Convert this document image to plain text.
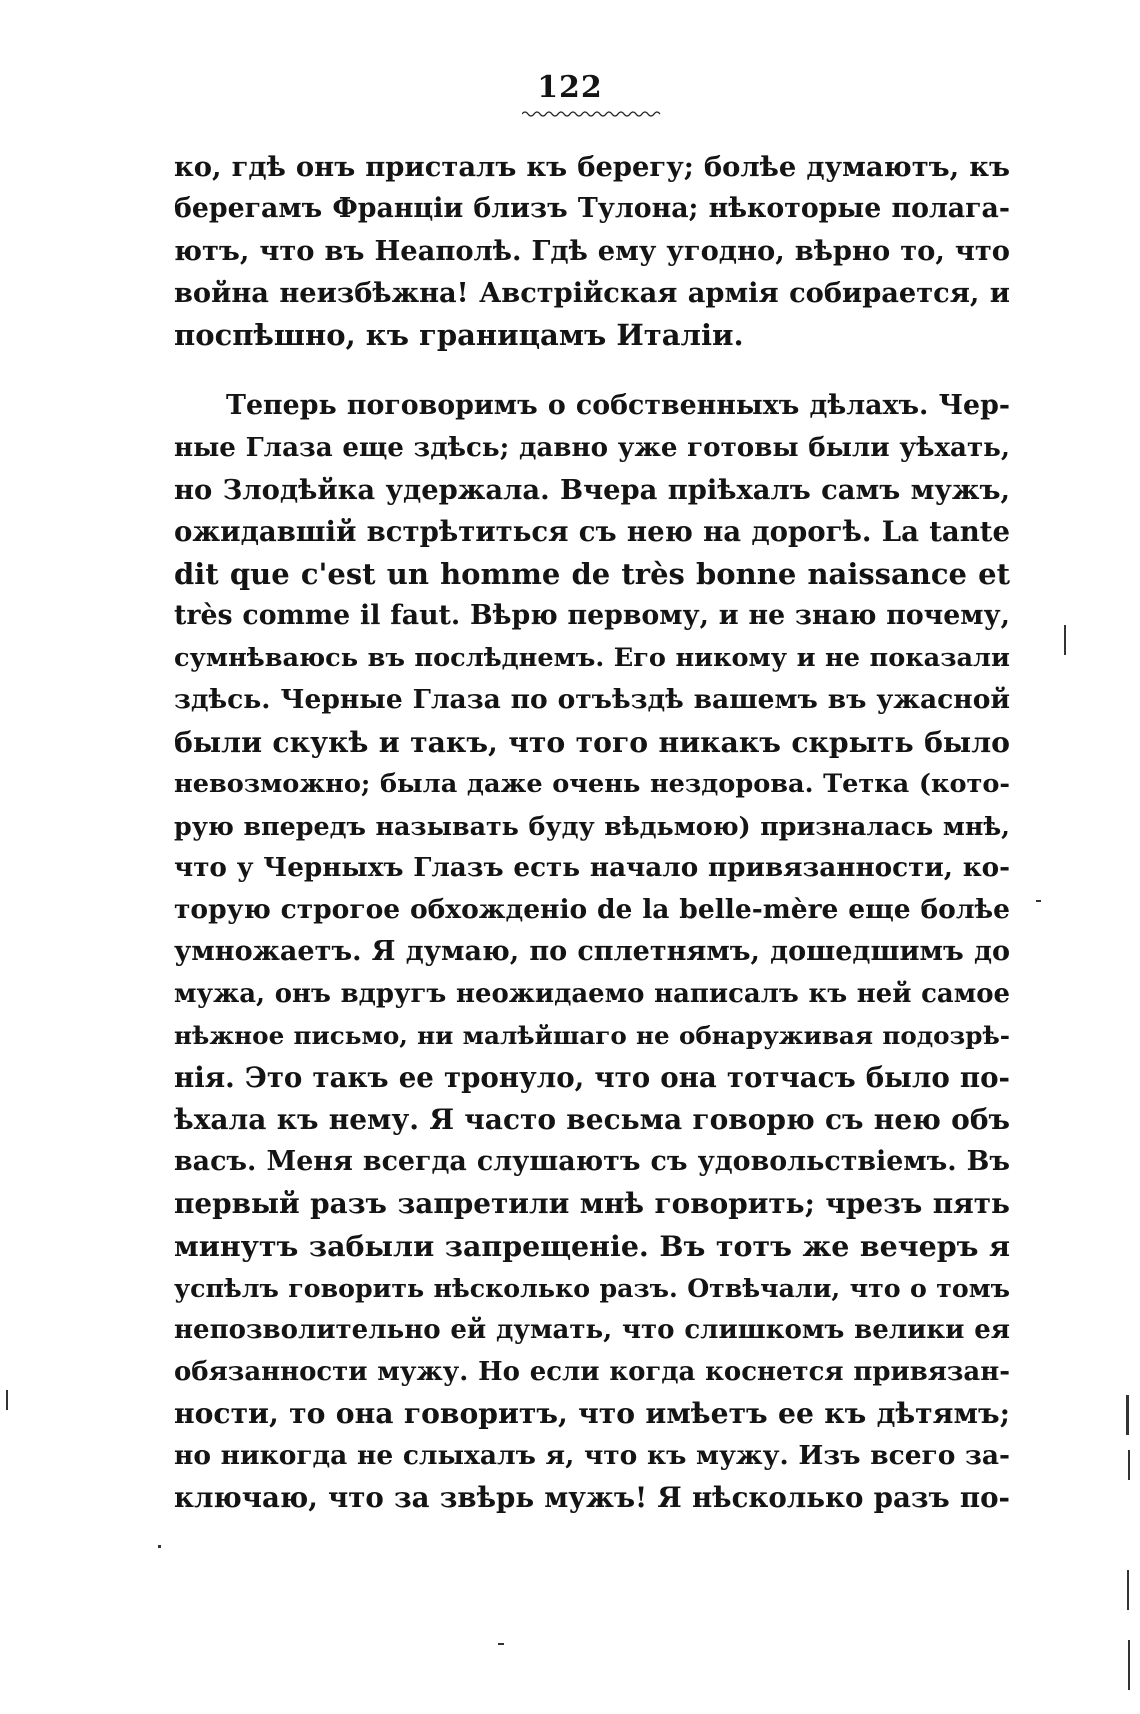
122
ко, гдѣ онъ присталъ къ берегу; болѣе думаютъ, къ
берегамъ Франціи близъ Тулона; нѣкоторые полага-
ютъ, что въ Неаполѣ. Гдѣ ему угодно, вѣрно то, что
война неизбѣжна! Австрійская армія собирается, и
поспѣшно, къ границамъ Италіи.
Теперь поговоримъ о собственныхъ дѣлахъ. Чер-
ные Глаза еще здѣсь; давно уже готовы были уѣхать,
но Злодѣйка удержала. Вчера пріѣхалъ самъ мужъ,
ожидавшій встрѣтиться съ нею на дорогѣ. La tante
dit que c'est un homme de très bonne naissance et
très comme il faut. Вѣрю первому, и не знаю почему,
сумнѣваюсь въ послѣднемъ. Его никому и не показали
здѣсь. Черные Глаза по отъѣздѣ вашемъ въ ужасной
были скукѣ и такъ, что того никакъ скрыть было
невозможно; была даже очень нездорова. Тетка (кото-
рую впередъ называть буду вѣдьмою) призналась мнѣ,
что у Черныхъ Глазъ есть начало привязанности, ко-
торую строгое обхожденіо de la belle-mère еще болѣе
умножаетъ. Я думаю, по сплетнямъ, дошедшимъ до
мужа, онъ вдругъ неожидаемо написалъ къ ней самое
нѣжное письмо, ни малѣйшаго не обнаруживая подозрѣ-
нія. Это такъ ее тронуло, что она тотчасъ было по-
ѣхала къ нему. Я часто весьма говорю съ нею объ
васъ. Меня всегда слушаютъ съ удовольствіемъ. Въ
первый разъ запретили мнѣ говорить; чрезъ пять
минутъ забыли запрещеніе. Въ тотъ же вечеръ я
успѣлъ говорить нѣсколько разъ. Отвѣчали, что о томъ
непозволительно ей думать, что слишкомъ велики ея
обязанности мужу. Но если когда коснется привязан-
ности, то она говоритъ, что имѣетъ ее къ дѣтямъ;
но никогда не слыхалъ я, что къ мужу. Изъ всего за-
ключаю, что за звѣрь мужъ! Я нѣсколько разъ по-
